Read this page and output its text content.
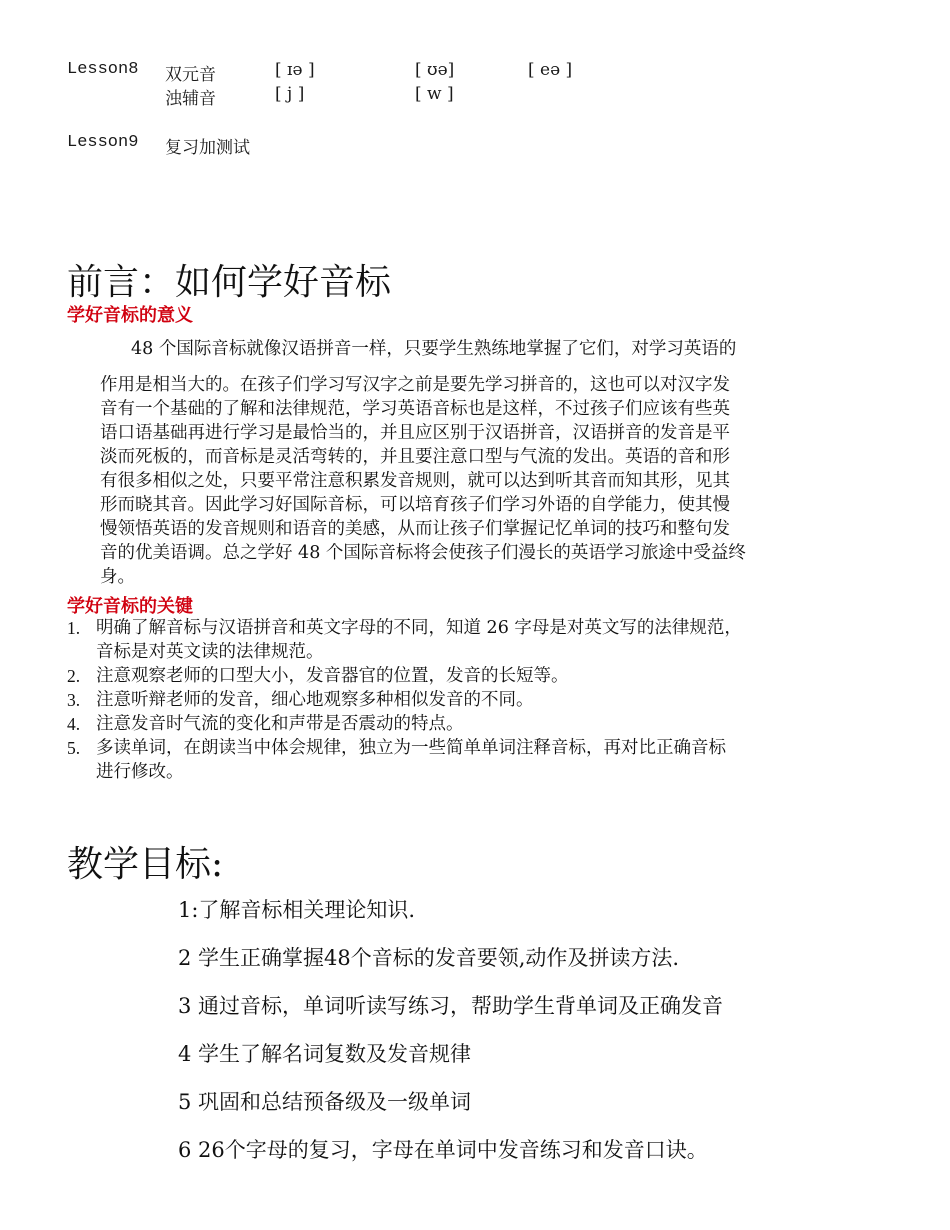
Lesson8 双元音	[ ɪə ]	[ ʊə]	[ eə ]
浊辅音	[ j ]	[ w ]
Lesson9 复习加测试
前言：如何学好音标
学好音标的意义
48 个国际音标就像汉语拼音一样，只要学生熟练地掌握了它们，对学习英语的
作用是相当大的。在孩子们学习写汉字之前是要先学习拼音的，这也可以对汉字发
音有一个基础的了解和法律规范，学习英语音标也是这样，不过孩子们应该有些英
语口语基础再进行学习是最恰当的，并且应区别于汉语拼音，汉语拼音的发音是平
淡而死板的，而音标是灵活弯转的，并且要注意口型与气流的发出。英语的音和形
有很多相似之处，只要平常注意积累发音规则，就可以达到听其音而知其形，见其
形而晓其音。因此学习好国际音标，可以培育孩子们学习外语的自学能力，使其慢
慢领悟英语的发音规则和语音的美感，从而让孩子们掌握记忆单词的技巧和整句发
音的优美语调。总之学好 48 个国际音标将会使孩子们漫长的英语学习旅途中受益终
身。
学好音标的关键
1. 明确了解音标与汉语拼音和英文字母的不同，知道 26 字母是对英文写的法律规范，
音标是对英文读的法律规范。
2. 注意观察老师的口型大小，发音器官的位置，发音的长短等。
3. 注意听辩老师的发音，细心地观察多种相似发音的不同。
4. 注意发音时气流的变化和声带是否震动的特点。
5. 多读单词，在朗读当中体会规律，独立为一些简单单词注释音标，再对比正确音标
进行修改。
教学目标:
1:了解音标相关理论知识.
2 学生正确掌握48个音标的发音要领,动作及拼读方法.
3 通过音标，单词听读写练习，帮助学生背单词及正确发音
4 学生了解名词复数及发音规律
5 巩固和总结预备级及一级单词
6 26个字母的复习，字母在单词中发音练习和发音口诀。
